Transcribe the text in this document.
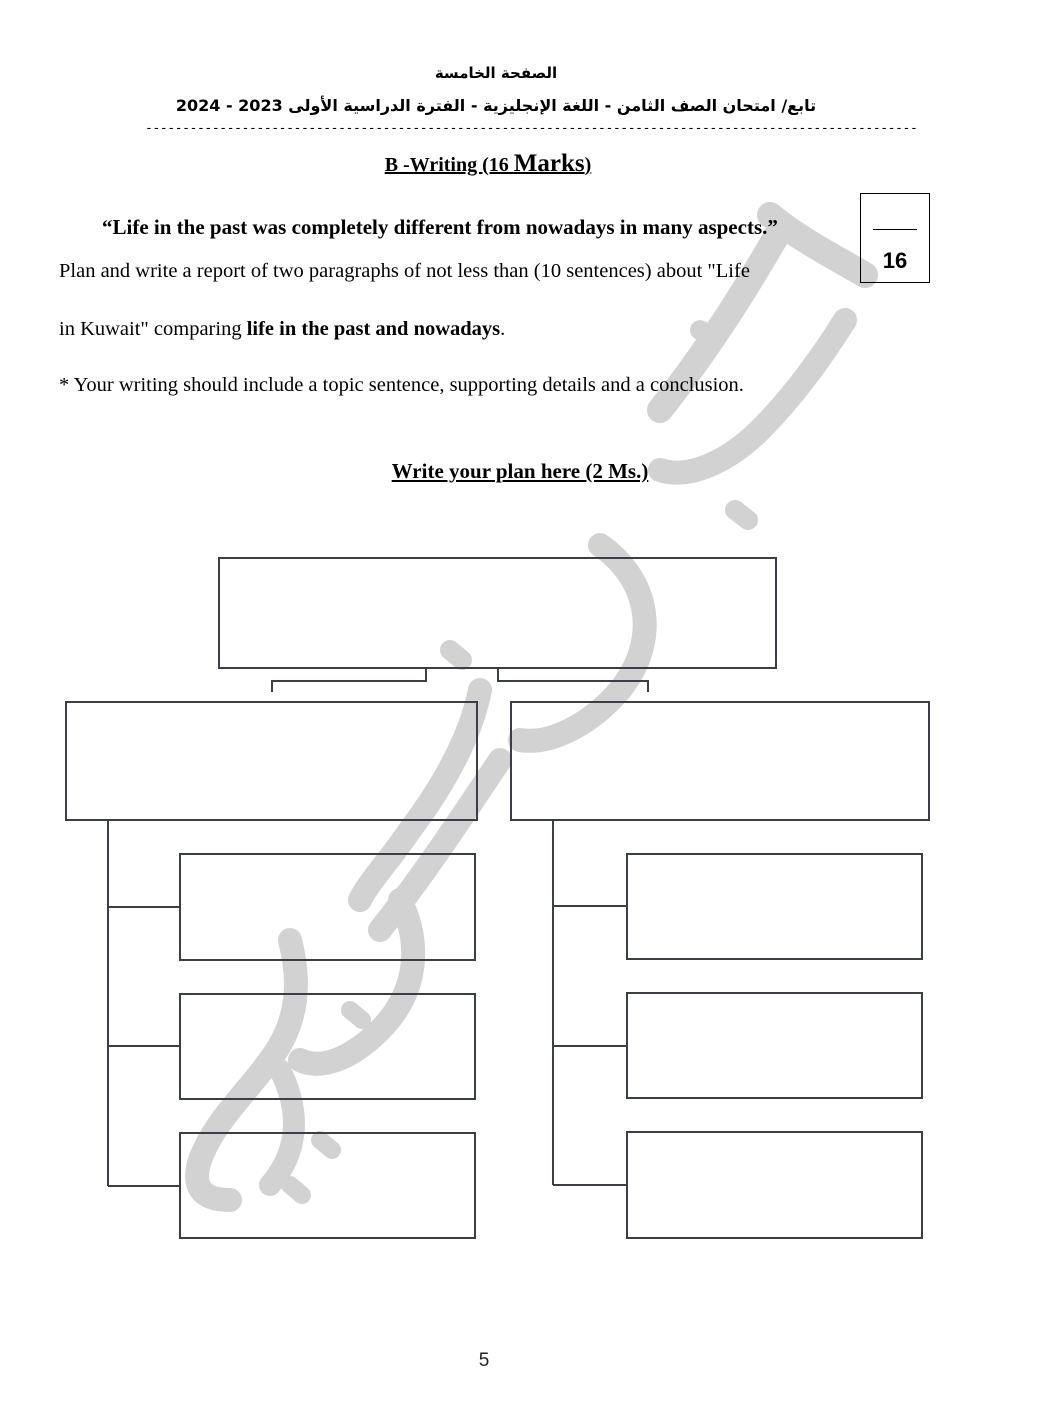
الصفحة الخامسة
تابع/ امتحان الصف الثامن - اللغة الإنجليزية - الفترة الدراسية الأولى 2023 - 2024
--------------------------------------------------------------------------------------------------------
B -Writing (16 Marks)
16
“Life in the past was completely different from nowadays in many aspects.”
Plan and write a report of two paragraphs of not less than (10 sentences) about "Life
in Kuwait" comparing life in the past and nowadays.
* Your writing should include a topic sentence, supporting details and a conclusion.
Write your plan here (2 Ms.)
5
